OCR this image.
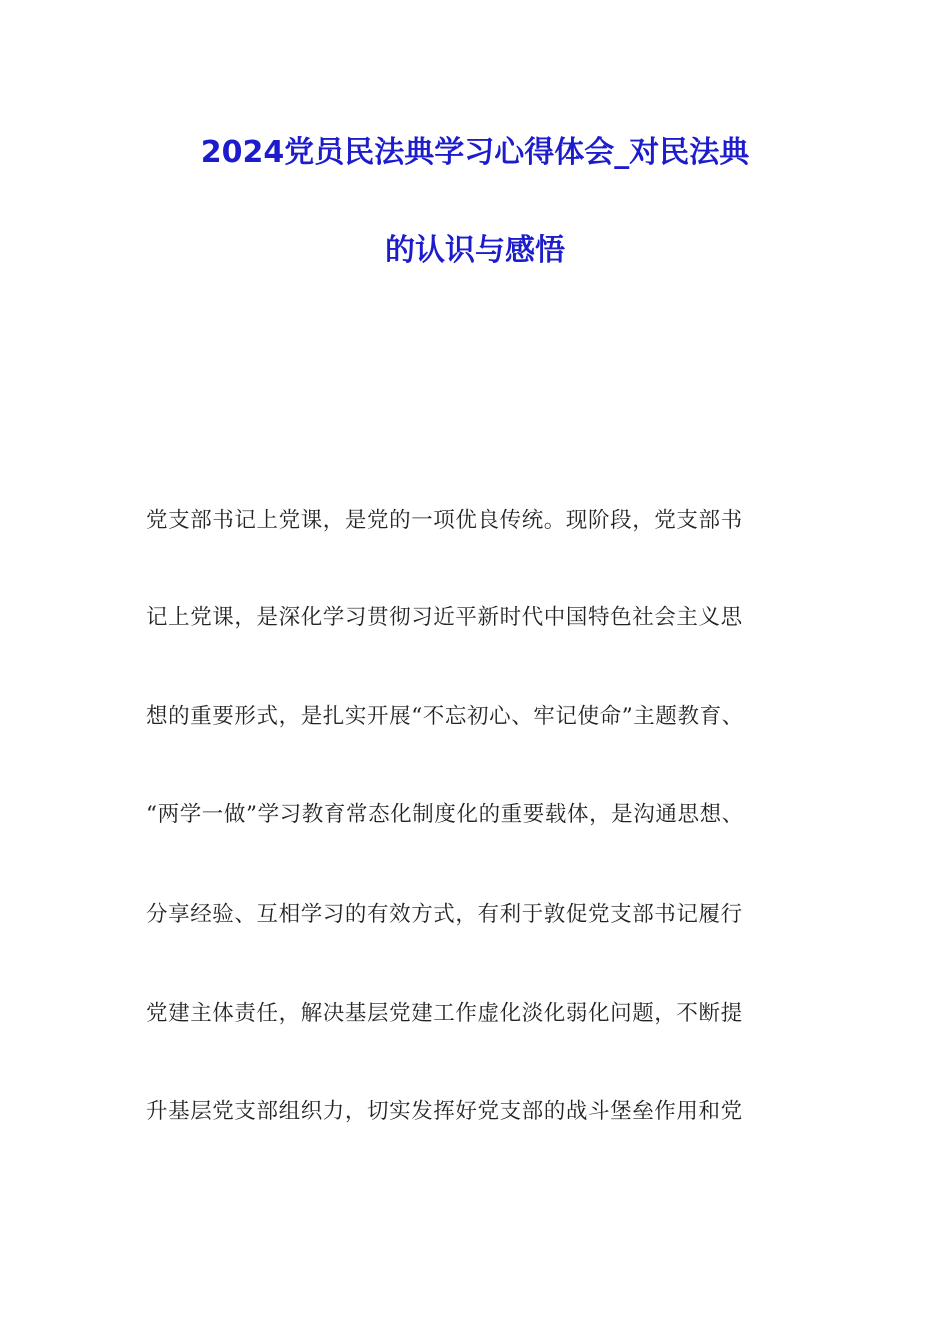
2024党员民法典学习心得体会_对民法典
的认识与感悟
党支部书记上党课，是党的一项优良传统。现阶段，党支部书
记上党课，是深化学习贯彻习近平新时代中国特色社会主义思
想的重要形式，是扎实开展“不忘初心、牢记使命”主题教育、
“两学一做”学习教育常态化制度化的重要载体，是沟通思想、
分享经验、互相学习的有效方式，有利于敦促党支部书记履行
党建主体责任，解决基层党建工作虚化淡化弱化问题，不断提
升基层党支部组织力，切实发挥好党支部的战斗堡垒作用和党
